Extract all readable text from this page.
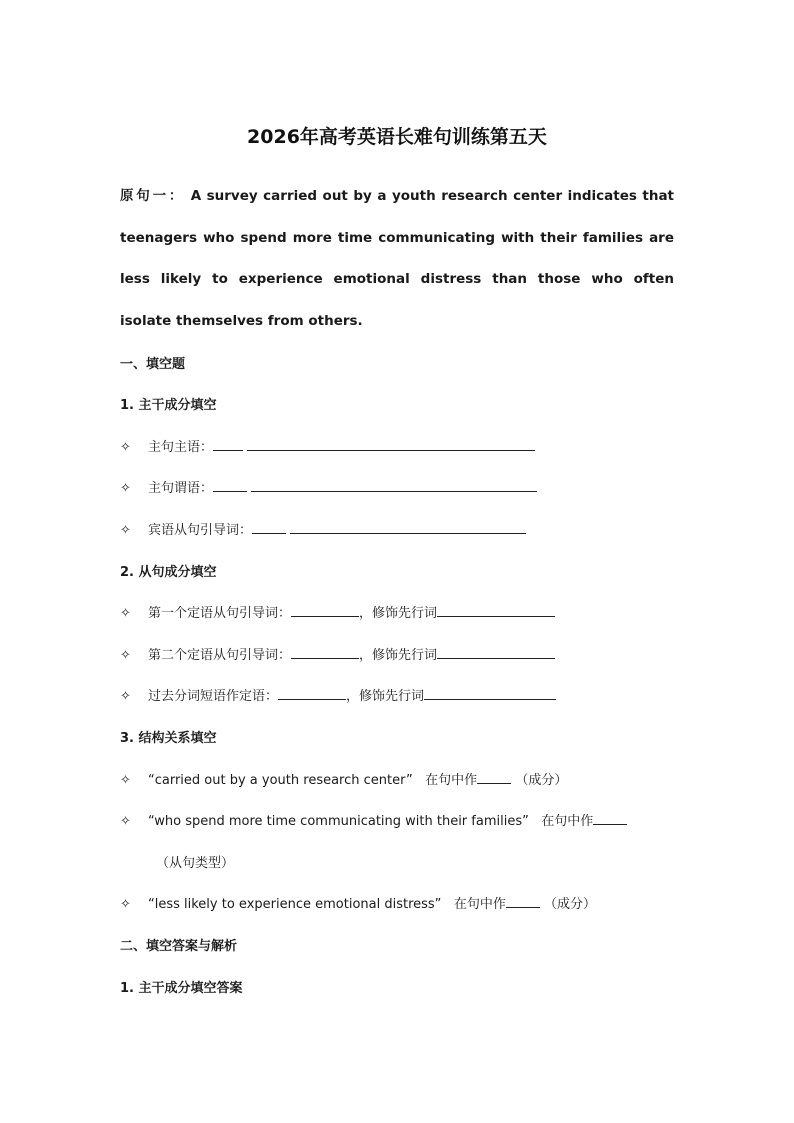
2026年高考英语长难句训练第五天
原句一： A survey carried out by a youth research center indicates that teenagers who spend more time communicating with their families are less likely to experience emotional distress than those who often isolate themselves from others.
一、填空题
1. 主干成分填空
✧ 主句主语：
✧ 主句谓语：
✧ 宾语从句引导词：
2. 从句成分填空
✧ 第一个定语从句引导词：	，修饰先行词
✧ 第二个定语从句引导词：	，修饰先行词
✧ 过去分词短语作定语：	，修饰先行词
3. 结构关系填空
✧ “carried out by a youth research center” 在句中作	（成分）
✧ “who spend more time communicating with their families” 在句中作
（从句类型）
✧ “less likely to experience emotional distress” 在句中作	（成分）
二、填空答案与解析
1. 主干成分填空答案
